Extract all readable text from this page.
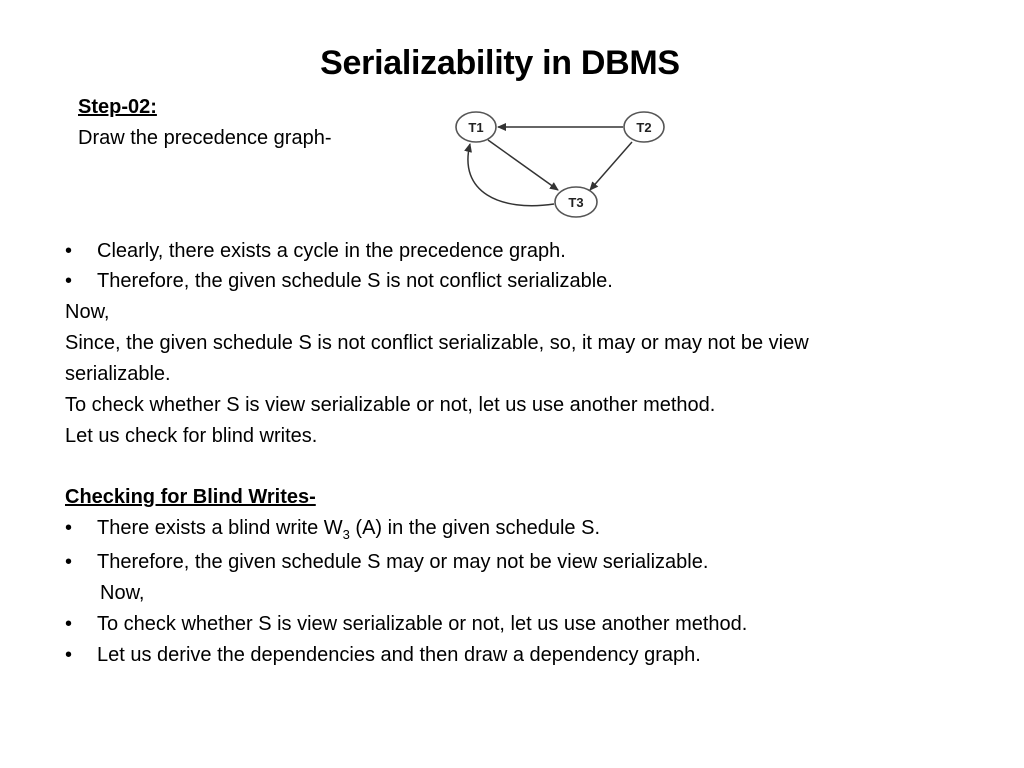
Serializability in DBMS
Step-02:
Draw the precedence graph-	T1	T2
T3
•	Clearly, there exists a cycle in the precedence graph.
•	Therefore, the given schedule S is not conflict serializable.
Now,
Since, the given schedule S is not conflict serializable, so, it may or may not be view
serializable.
To check whether S is view serializable or not, let us use another method.
Let us check for blind writes.
Checking for Blind Writes-
•	There exists a blind write $W_3$ (A) in the given schedule S.
•	Therefore, the given schedule S may or may not be view serializable.
Now,
•	To check whether S is view serializable or not, let us use another method.
•	Let us derive the dependencies and then draw a dependency graph.
